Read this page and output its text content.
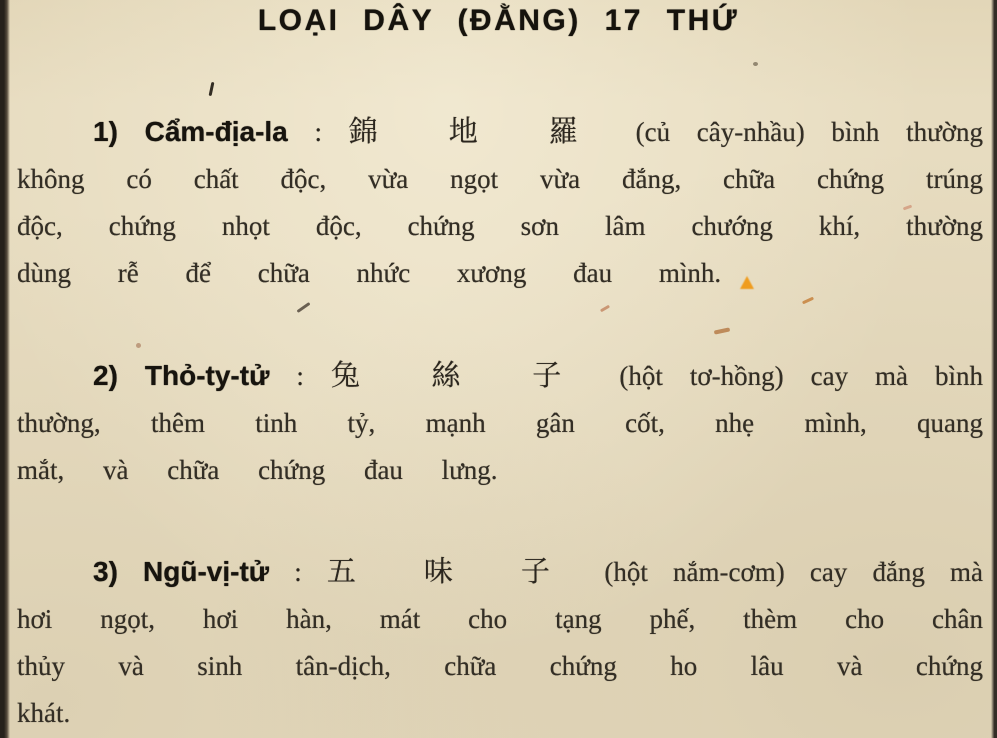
LOẠI DÂY (ĐẰNG) 17 THỨ
1) Cẩm-địa-la : 錦 地 羅 (củ cây-nhầu) bình thường
không có chất độc, vừa ngọt vừa đắng, chữa chứng trúng
độc, chứng nhọt độc, chứng sơn lâm chướng khí, thường
dùng rễ để chữa nhức xương đau mình.
2) Thỏ-ty-tử : 兔 絲 子 (hột tơ-hồng) cay mà bình
thường, thêm tinh tỷ, mạnh gân cốt, nhẹ mình, quang
mắt, và chữa chứng đau lưng.
3) Ngũ-vị-tử : 五 味 子 (hột nắm-cơm) cay đắng mà
hơi ngọt, hơi hàn, mát cho tạng phế, thèm cho chân
thủy và sinh tân-dịch, chữa chứng ho lâu và chứng
khát.
